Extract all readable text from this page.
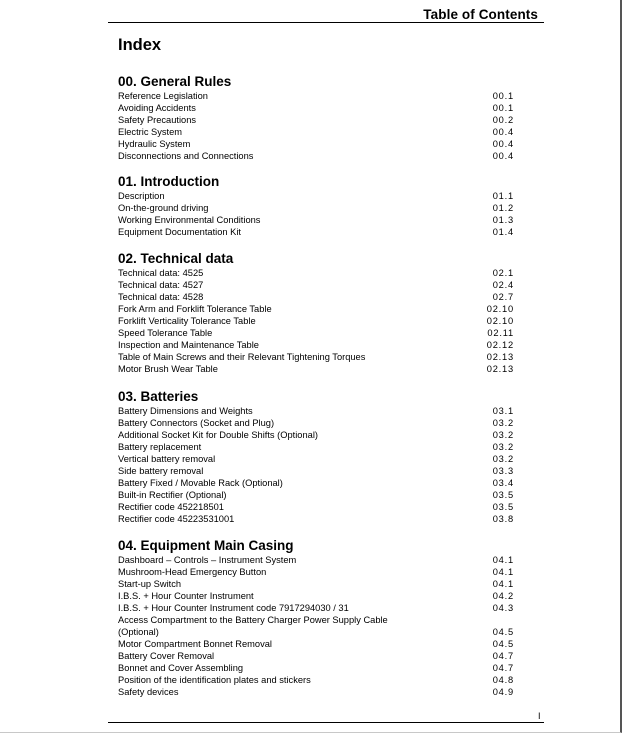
Table of Contents
Index
00. General Rules
Reference Legislation	00.1
Avoiding Accidents	00.1
Safety Precautions	00.2
Electric System	00.4
Hydraulic System	00.4
Disconnections and Connections	00.4
01. Introduction
Description	01.1
On-the-ground driving	01.2
Working Environmental Conditions	01.3
Equipment Documentation Kit	01.4
02. Technical data
Technical data: 4525	02.1
Technical data: 4527	02.4
Technical data: 4528	02.7
Fork Arm and Forklift Tolerance Table	02.10
Forklift Verticality Tolerance Table	02.10
Speed Tolerance Table	02.11
Inspection and Maintenance Table	02.12
Table of Main Screws and their Relevant Tightening Torques	02.13
Motor Brush Wear Table	02.13
03. Batteries
Battery Dimensions and Weights	03.1
Battery Connectors (Socket and Plug)	03.2
Additional Socket Kit for Double Shifts (Optional)	03.2
Battery replacement	03.2
Vertical battery removal	03.2
Side battery removal	03.3
Battery Fixed / Movable Rack (Optional)	03.4
Built-in Rectifier (Optional)	03.5
Rectifier code 452218501	03.5
Rectifier code 45223531001	03.8
04. Equipment Main Casing
Dashboard – Controls – Instrument System	04.1
Mushroom-Head Emergency Button	04.1
Start-up Switch	04.1
I.B.S. + Hour Counter Instrument	04.2
I.B.S. + Hour Counter Instrument code 7917294030 / 31	04.3
Access Compartment to the Battery Charger Power Supply Cable
(Optional)	04.5
Motor Compartment Bonnet Removal	04.5
Battery Cover Removal	04.7
Bonnet and Cover Assembling	04.7
Position of the identification plates and stickers	04.8
Safety devices	04.9
I
